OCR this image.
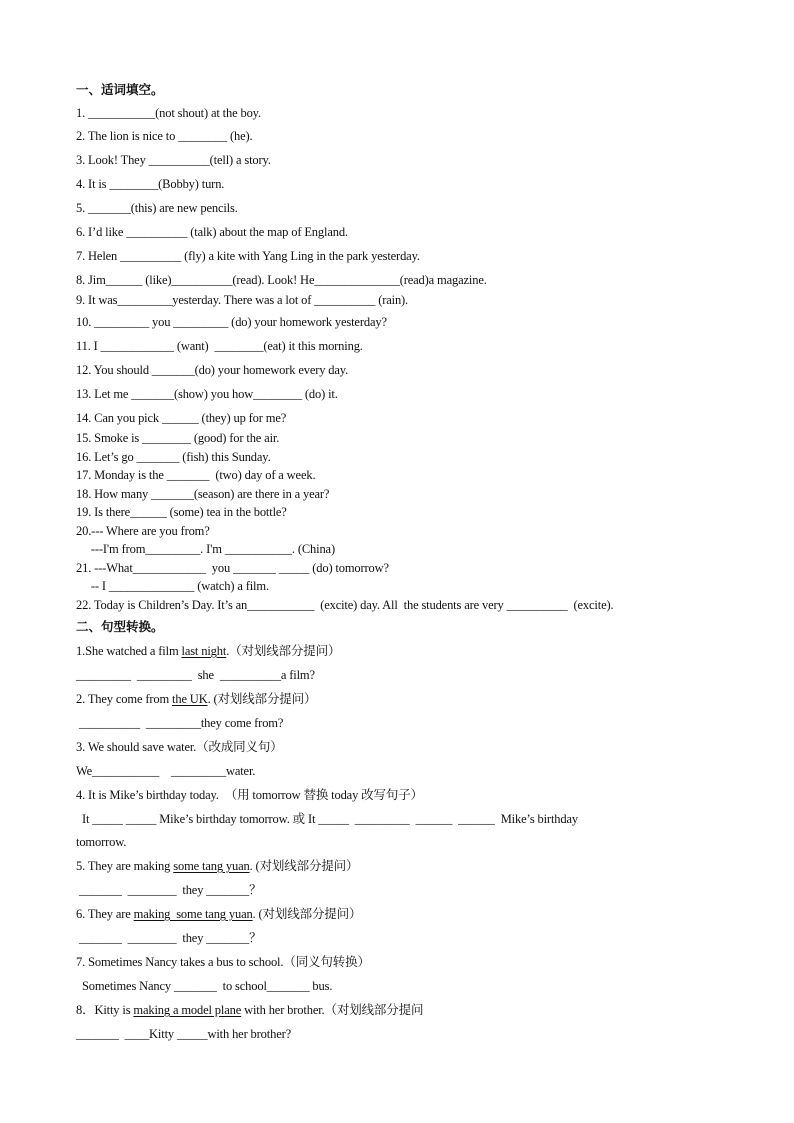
一、适词填空。
1. ___________(not shout) at the boy.
2. The lion is nice to ________ (he).
3. Look! They __________(tell) a story.
4. It is ________(Bobby) turn.
5. _______(this) are new pencils.
6. I’d like __________ (talk) about the map of England.
7. Helen __________ (fly) a kite with Yang Ling in the park yesterday.
8. Jim______ (like)__________(read). Look! He______________(read)a magazine.
9. It was_________yesterday. There was a lot of __________ (rain).
10. _________ you _________ (do) your homework yesterday?
11. I ____________ (want)  ________(eat) it this morning.
12. You should _______(do) your homework every day.
13. Let me _______(show) you how________ (do) it.
14. Can you pick ______ (they) up for me?
15. Smoke is ________ (good) for the air.
16. Let’s go _______ (fish) this Sunday.
17. Monday is the _______  (two) day of a week.
18. How many _______(season) are there in a year?
19. Is there______ (some) tea in the bottle?
20.--- Where are you from?
---I'm from_________. I'm ___________. (China)
21. ---What____________  you _______ _____ (do) tomorrow?
-- I ______________ (watch) a film.
22. Today is Children’s Day. It’s an___________  (excite) day. All  the students are very __________  (excite).
二、句型转换。
1.She watched a film last night.（对划线部分提问）
_________  _________  she  __________a film?
2. They come from the UK. (对划线部分提问）
__________  _________they come from?
3. We should save water.（改成同义句）
We___________    _________water.
4. It is Mike’s birthday today.  （用 tomorrow 替换 today 改写句子）
It _____ _____ Mike’s birthday tomorrow. 或 It _____  _________  ______  ______  Mike’s birthday
tomorrow.
5. They are making some tang yuan. (对划线部分提问）
_______  ________  they _______？
6. They are making  some tang yuan. (对划线部分提问）
_______  ________  they _______？
7. Sometimes Nancy takes a bus to school.（同义句转换）
Sometimes Nancy _______  to school_______ bus.
8．Kitty is making a model plane with her brother.（对划线部分提问
_______  ____Kitty _____with her brother?
